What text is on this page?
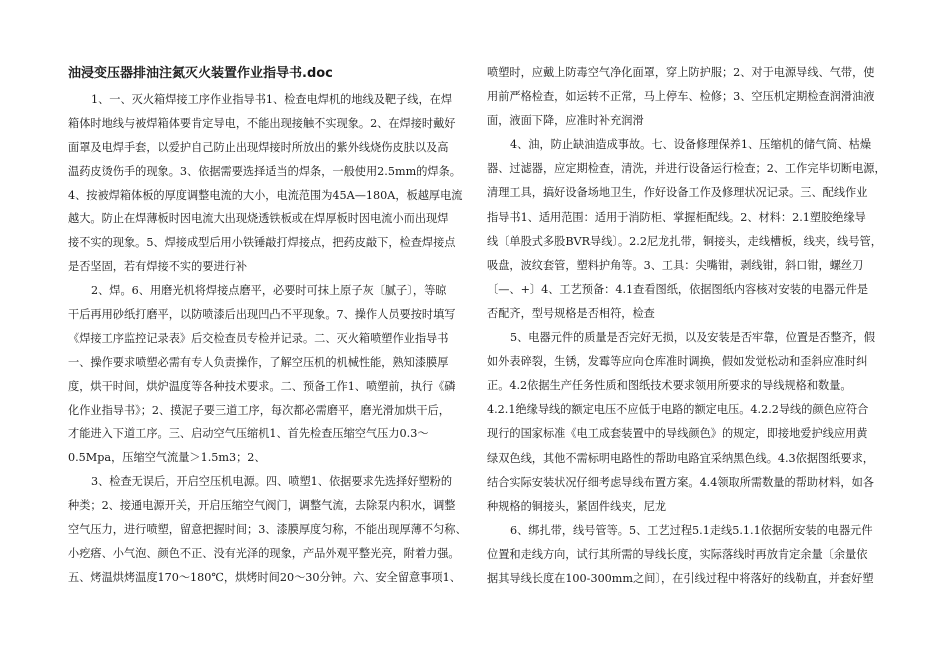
油浸变压器排油注氮灭火装置作业指导书.doc
1、一、灭火箱焊接工序作业指导书1、检查电焊机的地线及靶子线，在焊
箱体时地线与被焊箱体要肯定导电，不能出现接触不实现象。2、在焊接时戴好
面罩及电焊手套，以爱护自己防止出现焊接时所放出的紫外线烧伤皮肤以及高
温药皮烫伤手的现象。3、依据需要选择适当的焊条，一般使用2.5mm的焊条。
4、按被焊箱体板的厚度调整电流的大小，电流范围为45A—180A，板越厚电流
越大。防止在焊薄板时因电流大出现烧透铁板或在焊厚板时因电流小而出现焊
接不实的现象。5、焊接成型后用小铁锤敲打焊接点，把药皮敲下，检查焊接点
是否坚固，若有焊接不实的要进行补
2、焊。6、用磨光机将焊接点磨平，必要时可抹上原子灰〔腻子〕，等晾
干后再用砂纸打磨平，以防喷漆后出现凹凸不平现象。7、操作人员要按时填写
《焊接工序监控记录表》后交检查员专检并记录。二、灭火箱喷塑作业指导书
一、操作要求喷塑必需有专人负责操作，了解空压机的机械性能，熟知漆膜厚
度，烘干时间，烘炉温度等各种技术要求。二、预备工作1、喷塑前，执行《磷
化作业指导书》；2、摸泥子要三道工序，每次都必需磨平，磨光滑加烘干后，
才能进入下道工序。三、启动空气压缩机1、首先检查压缩空气压力0.3～
0.5Mpa，压缩空气流量＞1.5m3；2、
3、检查无误后，开启空压机电源。四、喷塑1、依据要求先选择好塑粉的
种类；2、接通电源开关，开启压缩空气阀门，调整气流，去除泵内积水，调整
空气压力，进行喷塑，留意把握时间；3、漆膜厚度匀称，不能出现厚薄不匀称、
小疙瘩、小气泡、颜色不正、没有光泽的现象，产品外观平整光亮，附着力强。
五、烤温烘烤温度170～180℃，烘烤时间20～30分钟。六、安全留意事项1、
喷塑时，应戴上防毒空气净化面罩，穿上防护服；2、对于电源导线、气带，使
用前严格检查，如运转不正常，马上停车、检修；3、空压机定期检查润滑油液
面，液面下降，应准时补充润滑
4、油，防止缺油造成事故。七、设备修理保养1、压缩机的储气筒、枯燥
器、过滤器，应定期检查，清洗，并进行设备运行检查；2、工作完毕切断电源，
清理工具，搞好设备场地卫生，作好设备工作及修理状况记录。三、配线作业
指导书1、适用范围：适用于消防柜、掌握柜配线。2、材料：2.1塑胶绝缘导
线〔单股式多股BVR导线〕。2.2尼龙扎带，铜接头，走线槽板，线夹，线号管，
吸盘，波纹套管，塑料护角等。3、工具：尖嘴钳，剥线钳，斜口钳，螺丝刀
〔—、+〕4、工艺预备：4.1查看图纸，依据图纸内容核对安装的电器元件是
否配齐，型号规格是否相符，检查
5、电器元件的质量是否完好无损，以及安装是否牢靠，位置是否整齐，假
如外表碎裂，生锈，发霉等应向仓库准时调换，假如发觉松动和歪斜应准时纠
正。4.2依据生产任务性质和图纸技术要求领用所要求的导线规格和数量。
4.2.1绝缘导线的额定电压不应低于电路的额定电压。4.2.2导线的颜色应符合
现行的国家标准《电工成套装置中的导线颜色》的规定，即接地爱护线应用黄
绿双色线，其他不需标明电路性的帮助电路宜采纳黑色线。4.3依据图纸要求，
结合实际安装状况仔细考虑导线布置方案。4.4领取所需数量的帮助材料，如各
种规格的铜接头，紧固件线夹，尼龙
6、绑扎带，线号管等。5、工艺过程5.1走线5.1.1依据所安装的电器元件
位置和走线方向，试行其所需的导线长度，实际落线时再放肯定余量〔余量依
据其导线长度在100-300mm之间〕，在引线过程中将落好的线勒直，并套好塑
